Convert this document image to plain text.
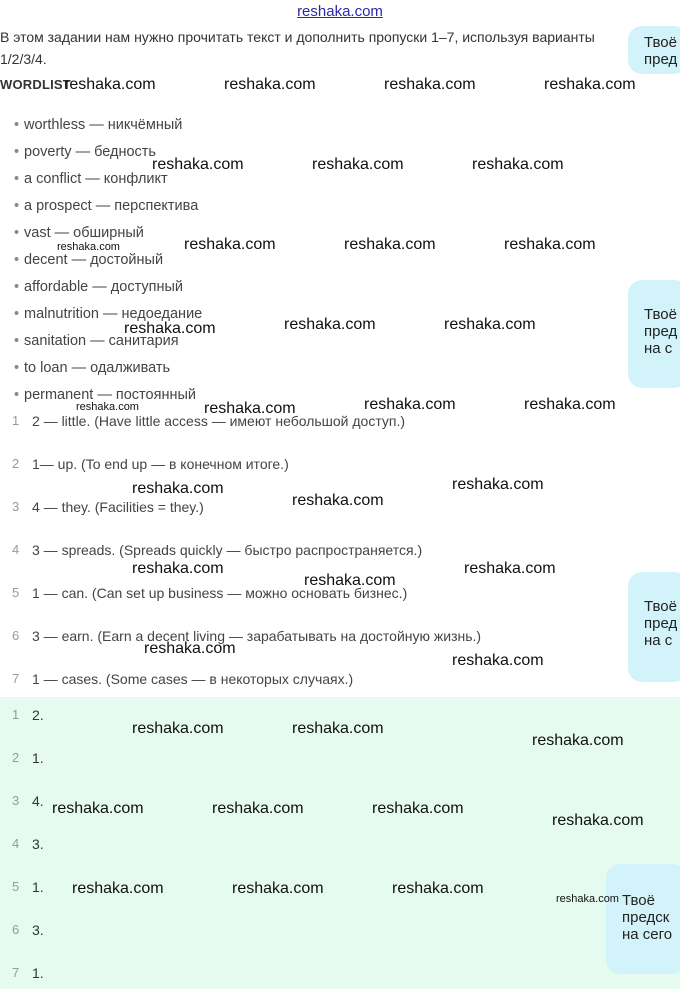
reshaka.com
В этом задании нам нужно прочитать текст и дополнить пропуски 1–7, используя варианты 1/2/3/4.
WORDLIST
• worthless — никчёмный
• poverty — бедность
• a conflict — конфликт
• a prospect — перспектива
• vast — обширный
• decent — достойный
• affordable — доступный
• malnutrition — недоедание
• sanitation — санитария
• to loan — одалживать
• permanent — постоянный
1 2 — little. (Have little access — имеют небольшой доступ.)
2 1— up. (To end up — в конечном итоге.)
3 4 — they. (Facilities = they.)
4 3 — spreads. (Spreads quickly — быстро распространяется.)
5 1 — can. (Can set up business — можно основать бизнес.)
6 3 — earn. (Earn a decent living — зарабатывать на достойную жизнь.)
7 1 — cases. (Some cases — в некоторых случаях.)
1 2.
2 1.
3 4.
4 3.
5 1.
6 3.
7 1.
Твоё
пред
Твоё
пред
на с
Твоё
пред
на с
Твоё
предск
на сего
reshaka.com	reshaka.com	reshaka.com	reshaka.com
reshaka.com	reshaka.com	reshaka.com
reshaka.com	reshaka.com	reshaka.com	reshaka.com
reshaka.com	reshaka.com	reshaka.com
reshaka.com	reshaka.com	reshaka.com	reshaka.com
reshaka.com
reshaka.com
reshaka.com
reshaka.com
reshaka.com
reshaka.com
reshaka.com
reshaka.com
reshaka.com	reshaka.com
reshaka.com
reshaka.com	reshaka.com	reshaka.com
reshaka.com
reshaka.com	reshaka.com	reshaka.com
reshaka.com
